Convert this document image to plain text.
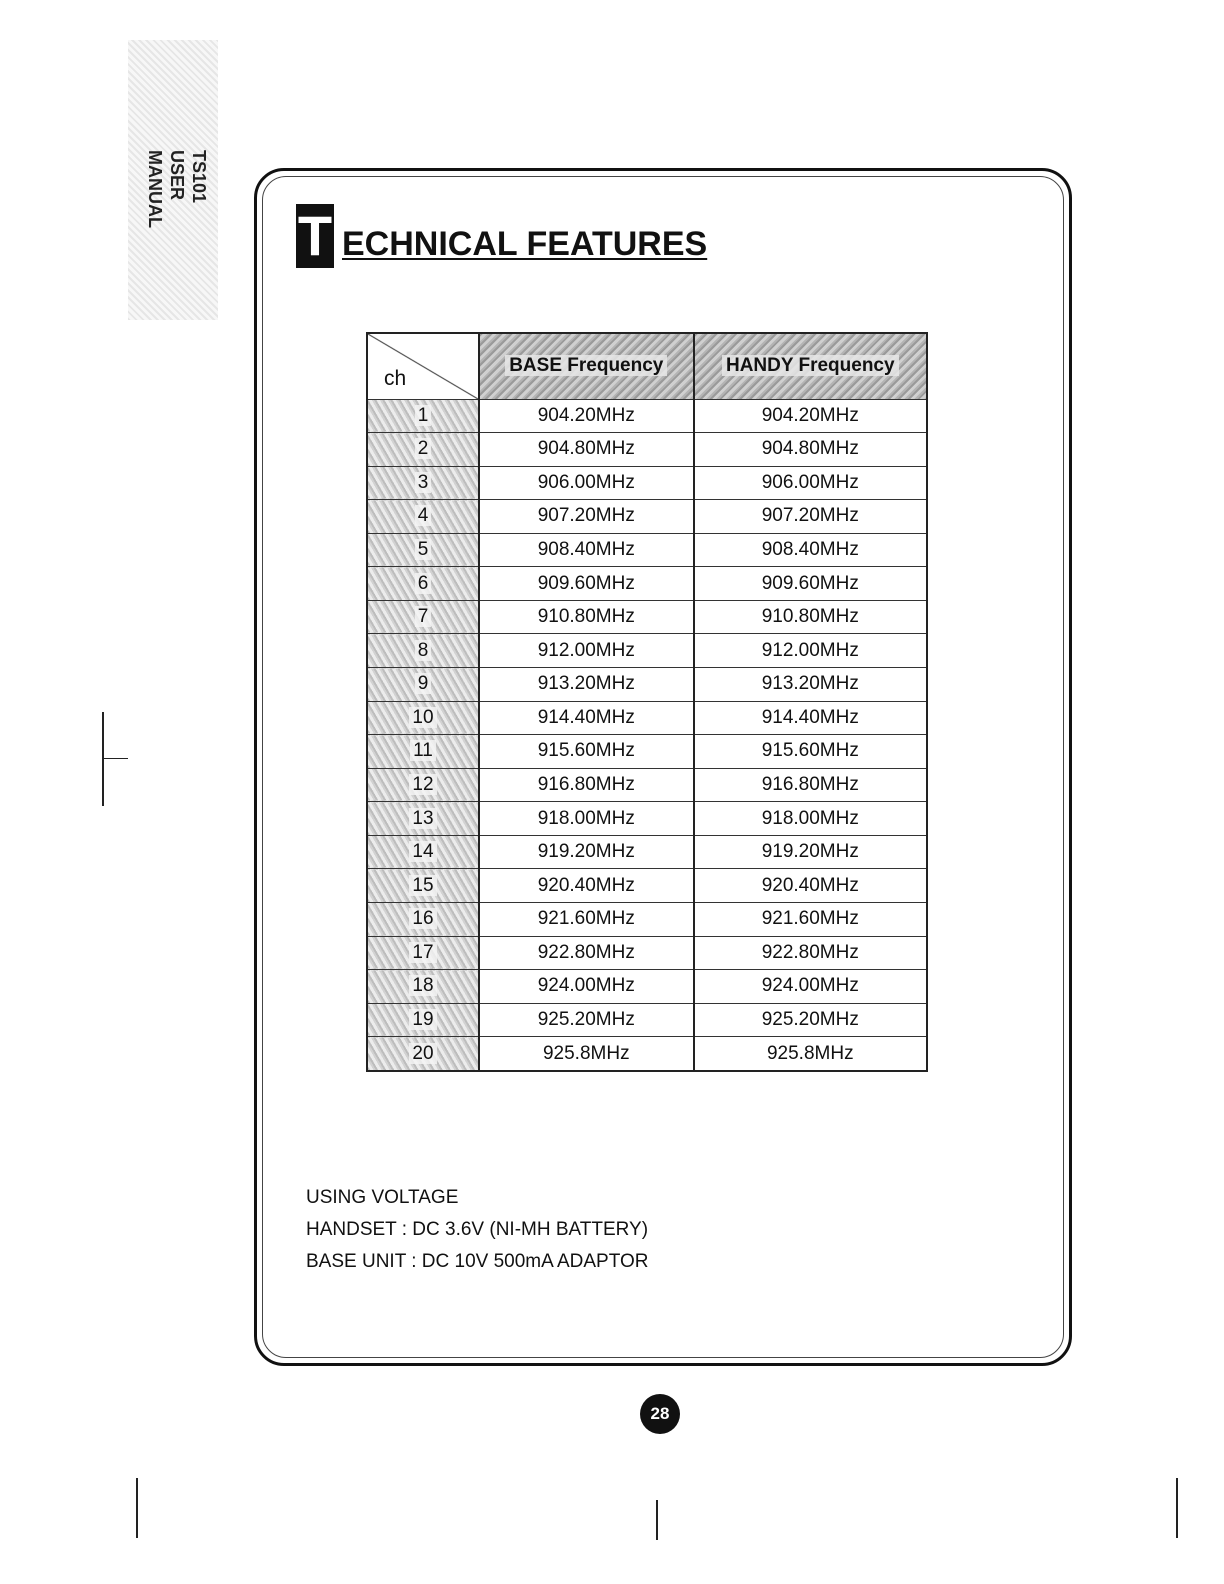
TS101
USER MANUAL
T ECHNICAL FEATURES
ch	BASE Frequency	HANDY Frequency
1	904.20MHz	904.20MHz
2	904.80MHz	904.80MHz
3	906.00MHz	906.00MHz
4	907.20MHz	907.20MHz
5	908.40MHz	908.40MHz
6	909.60MHz	909.60MHz
7	910.80MHz	910.80MHz
8	912.00MHz	912.00MHz
9	913.20MHz	913.20MHz
10	914.40MHz	914.40MHz
11	915.60MHz	915.60MHz
12	916.80MHz	916.80MHz
13	918.00MHz	918.00MHz
14	919.20MHz	919.20MHz
15	920.40MHz	920.40MHz
16	921.60MHz	921.60MHz
17	922.80MHz	922.80MHz
18	924.00MHz	924.00MHz
19	925.20MHz	925.20MHz
20	925.8MHz	925.8MHz
USING VOLTAGE
HANDSET : DC 3.6V (NI-MH BATTERY)
BASE UNIT : DC 10V 500mA ADAPTOR
28
